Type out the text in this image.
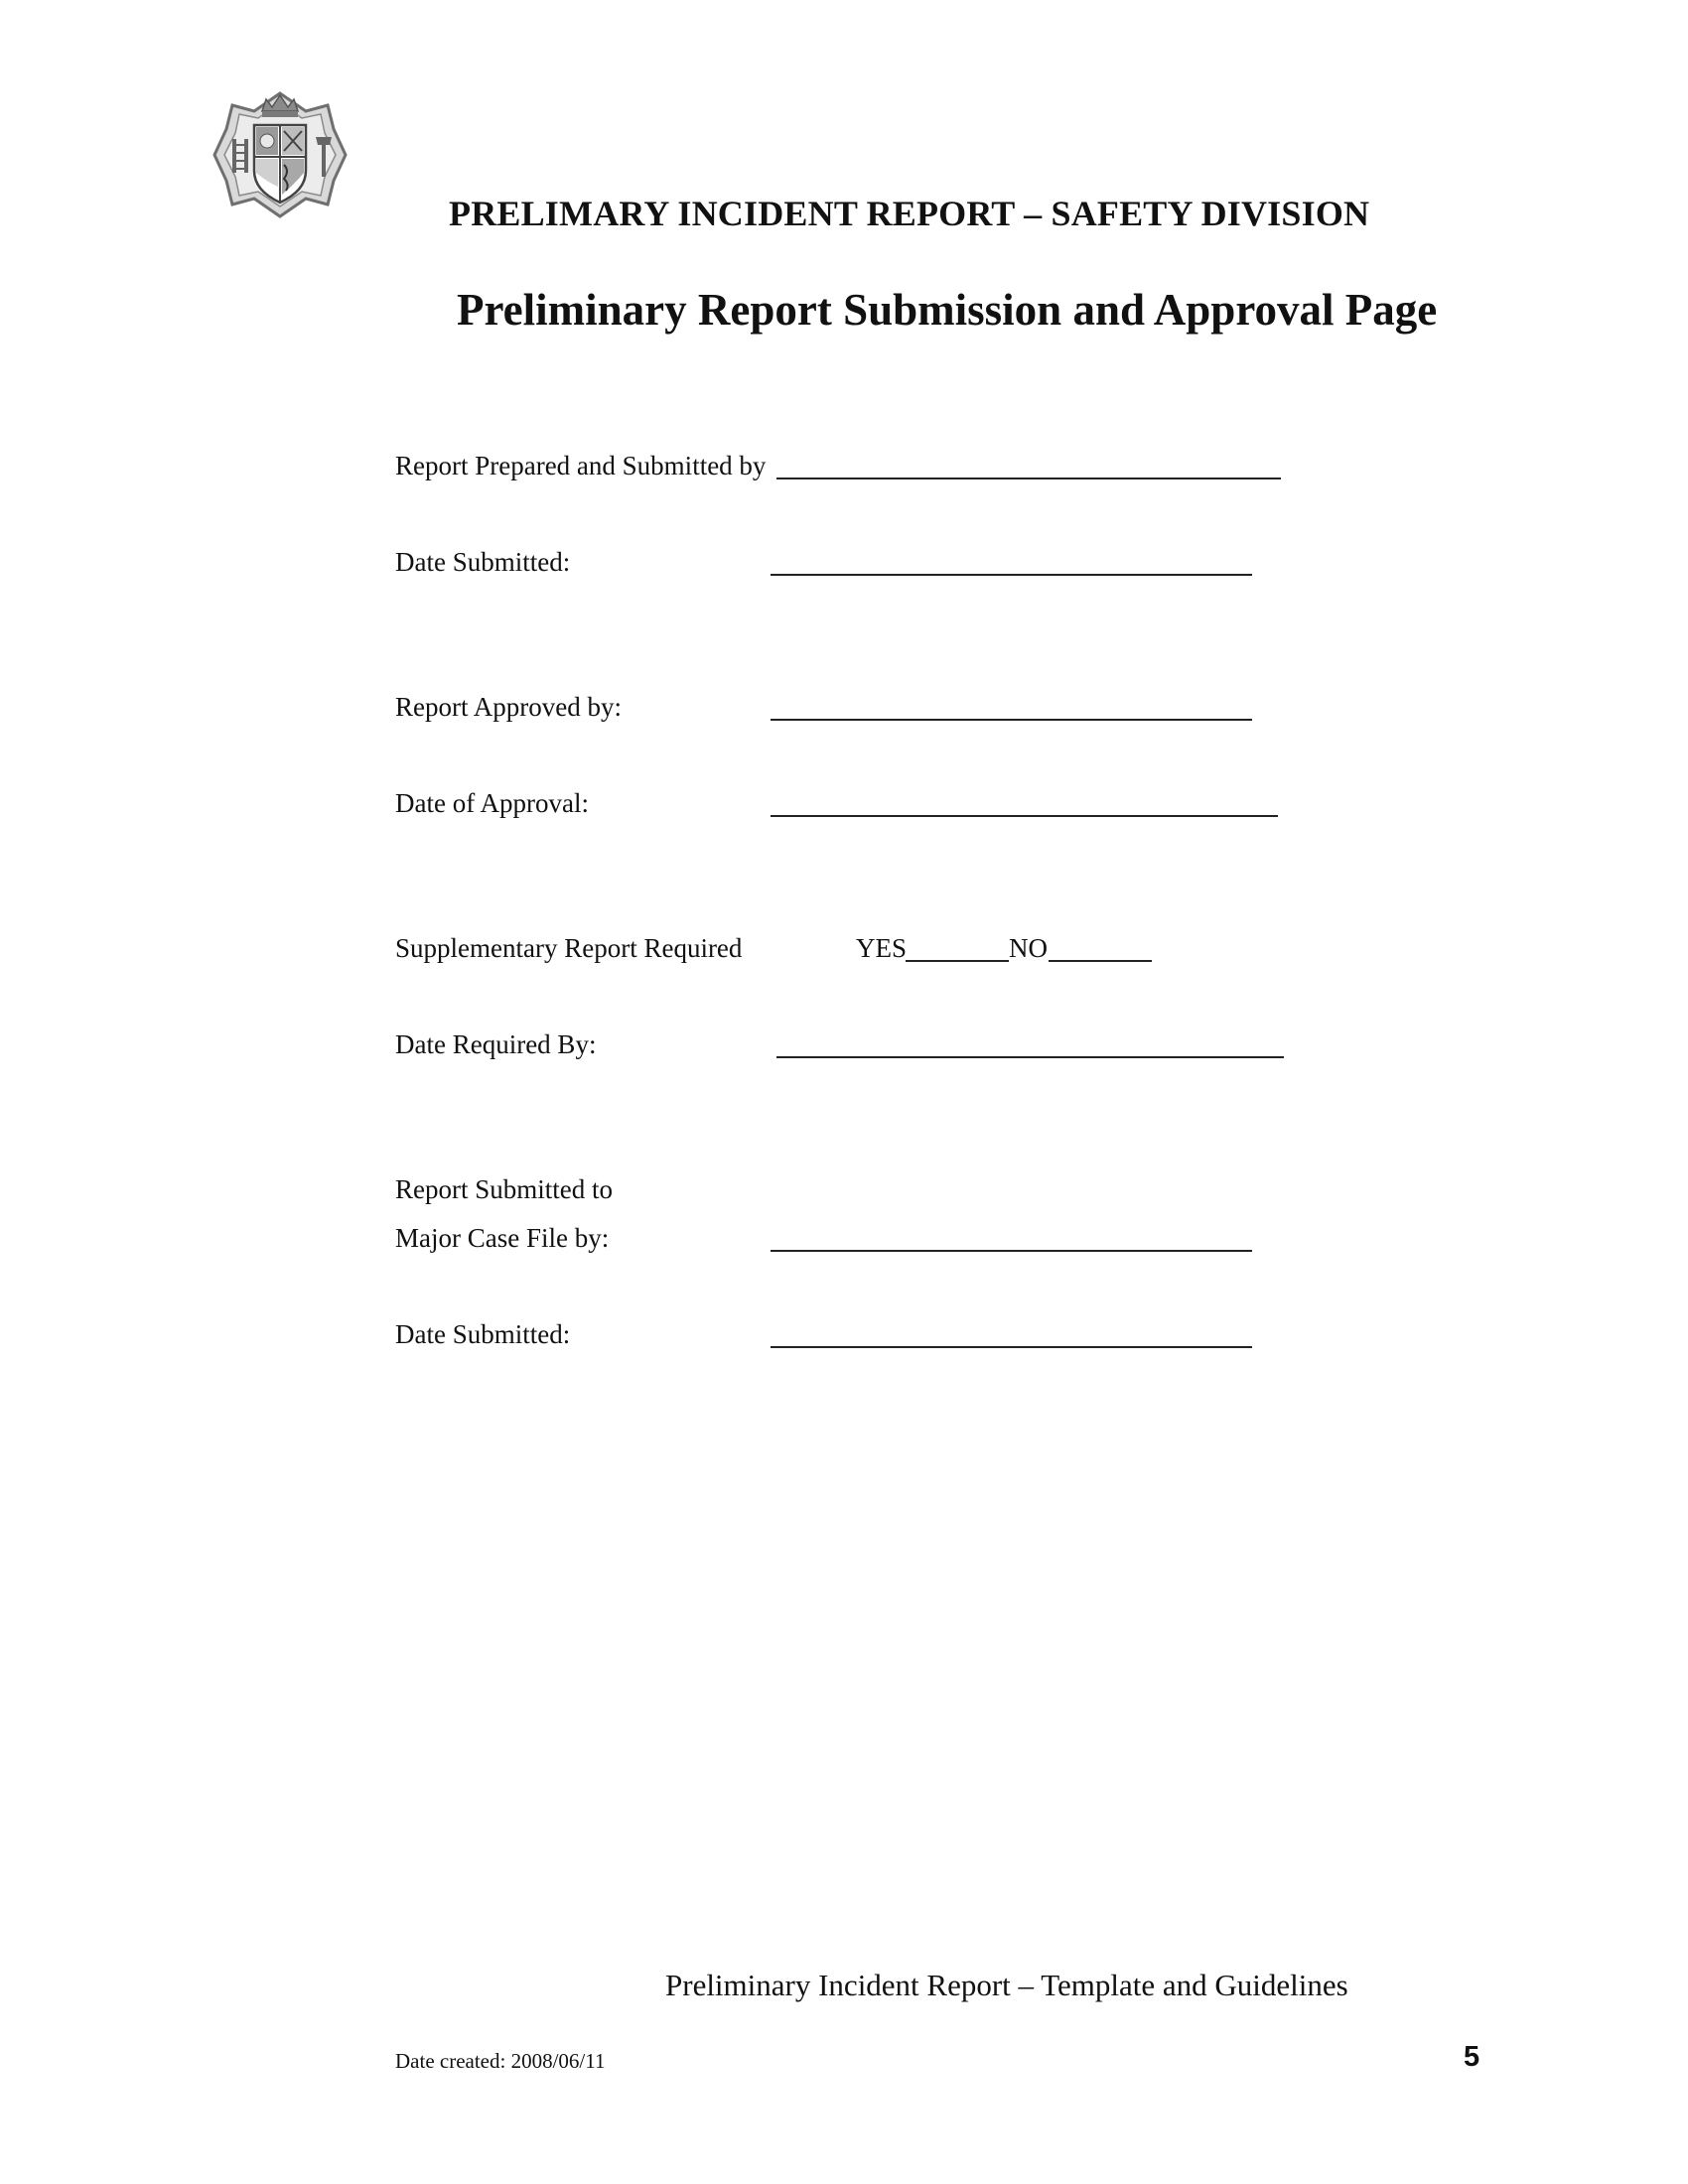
PRELIMARY INCIDENT REPORT – SAFETY DIVISION
Preliminary Report Submission and Approval Page
Report Prepared and Submitted by
Date Submitted:
Report Approved by:
Date of Approval:
Supplementary Report Required	YES	NO
Date Required By:
Report Submitted to
Major Case File by:
Date Submitted:
Preliminary Incident Report – Template and Guidelines
Date created: 2008/06/11	5
